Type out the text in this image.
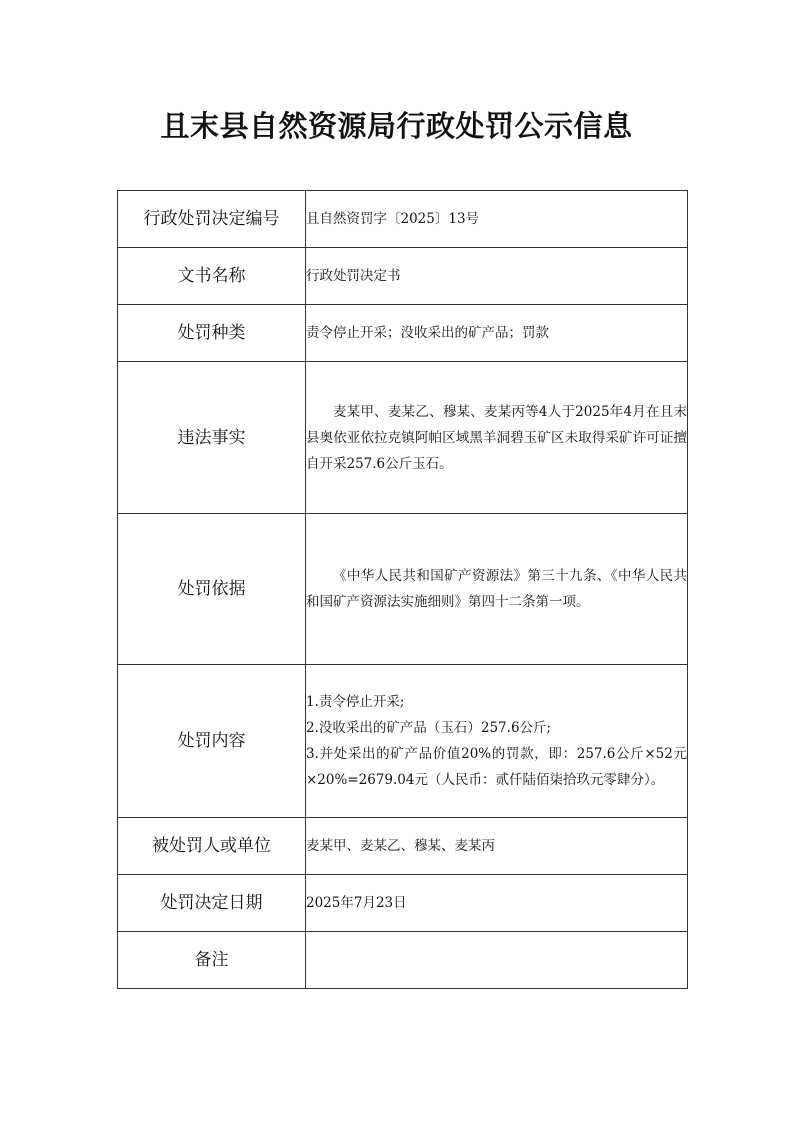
且末县自然资源局行政处罚公示信息
行政处罚决定编号	且自然资罚字〔2025〕13号
文书名称	行政处罚决定书
处罚种类	责令停止开采；没收采出的矿产品；罚款
违法事实	麦某甲、麦某乙、穆某、麦某丙等4人于2025年4月在且末县奥依亚依拉克镇阿帕区域黑羊洞碧玉矿区未取得采矿许可证擅自开采257.6公斤玉石。
处罚依据	《中华人民共和国矿产资源法》第三十九条、《中华人民共和国矿产资源法实施细则》第四十二条第一项。
处罚内容	1.责令停止开采;
2.没收采出的矿产品（玉石）257.6公斤;
3.并处采出的矿产品价值20%的罚款，即：257.6公斤×52元×20%=2679.04元（人民币：贰仟陆佰柒拾玖元零肆分）。

被处罚人或单位	麦某甲、麦某乙、穆某、麦某丙
处罚决定日期	2025年7月23日
备注	
